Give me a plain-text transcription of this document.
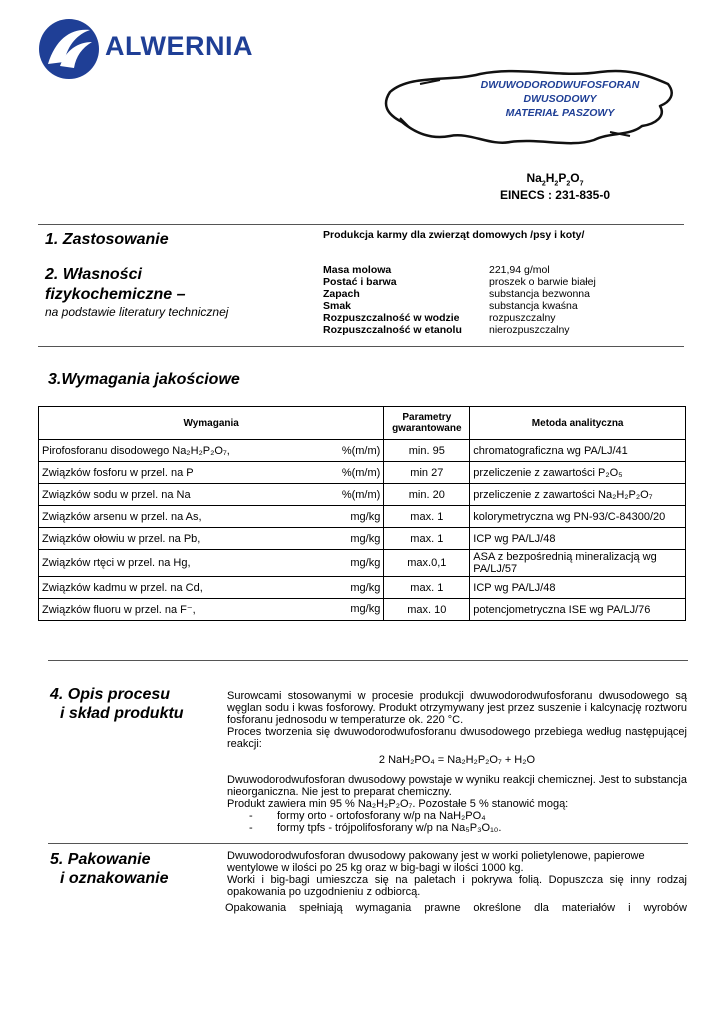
ALWERNIA
DWUWODORODWUFOSFORAN
DWUSODOWY
MATERIAŁ PASZOWY
$Na_2H_2P_2O_7$
EINECS : 231-835-0
1. Zastosowanie	Produkcja karmy dla zwierząt domowych /psy i koty/
2. Własności
fizykochemiczne –
na podstawie literatury technicznej
Masa molowa	221,94 g/mol
Postać i barwa	proszek o barwie białej
Zapach	substancja bezwonna
Smak	substancja kwaśna
Rozpuszczalność w wodzie	rozpuszczalny
Rozpuszczalność w etanolu	nierozpuszczalny
3.Wymagania jakościowe
Wymagania	Parametry gwarantowane	Metoda analityczna

Pirofosforanu disodowego Na₂H₂P₂O₇, %(m/m)	min. 95	chromatograficzna wg PA/LJ/41

Związków fosforu w przel. na P %(m/m)	min 27	przeliczenie z zawartości P₂O₅

Związków sodu w przel. na Na %(m/m)	min. 20	przeliczenie z zawartości Na₂H₂P₂O₇

Związków arsenu w przel. na As, mg/kg	max. 1	kolorymetryczna wg PN-93/C-84300/20

Związków ołowiu w przel. na Pb, mg/kg	max. 1	ICP wg PA/LJ/48

Związków rtęci w przel. na Hg, mg/kg	max.0,1	ASA z bezpośrednią mineralizacją wg PA/LJ/57

Związków kadmu w przel. na Cd, mg/kg	max. 1	ICP wg PA/LJ/48

Związków fluoru w przel. na F⁻, mg/kg	max. 10	potencjometryczna ISE wg PA/LJ/76
4. Opis procesu
i skład produktu
Surowcami stosowanymi w procesie produkcji dwuwodorodwufosforanu dwusodowego są węglan sodu i kwas fosforowy. Produkt otrzymywany jest przez suszenie i kalcynację roztworu fosforanu jednosodu w temperaturze ok. 220 °C.
Proces tworzenia się dwuwodorodwufosforanu dwusodowego przebiega według następującej reakcji:
2 NaH₂PO₄ = Na₂H₂P₂O₇ + H₂O
Dwuwodorodwufosforan dwusodowy powstaje w wyniku reakcji chemicznej. Jest to substancja nieorganiczna. Nie jest to preparat chemiczny.
Produkt zawiera min 95 % Na₂H₂P₂O₇. Pozostałe 5 % stanowić mogą:
-	formy orto - ortofosforany w/p na NaH₂PO₄
-	formy tpfs - trójpolifosforany w/p na Na₅P₃O₁₀.
5. Pakowanie
i oznakowanie
Dwuwodorodwufosforan dwusodowy pakowany jest w worki polietylenowe, papierowe wentylowe w ilości po 25 kg oraz w big-bagi w ilości 1000 kg.
Worki i big-bagi umieszcza się na paletach i pokrywa folią. Dopuszcza się inny rodzaj opakowania po uzgodnieniu z odbiorcą.
Opakowania spełniają wymagania prawne określone dla materiałów i wyrobów
